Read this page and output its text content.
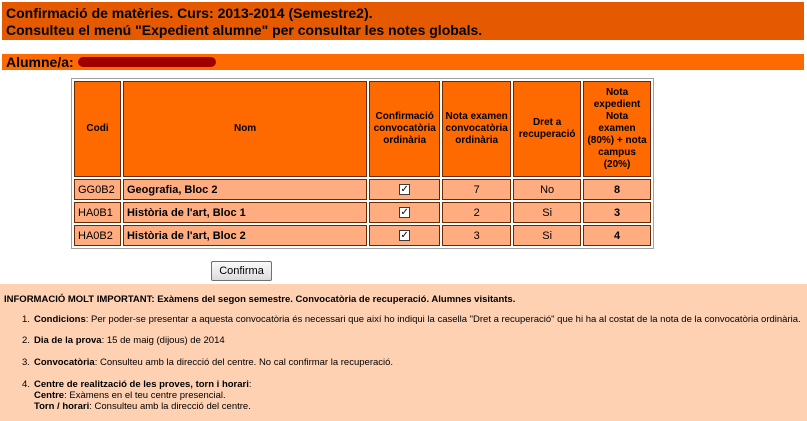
Confirmació de matèries. Curs: 2013-2014 (Semestre2).
Consulteu el menú "Expedient alumne" per consultar les notes globals.
Alumne/a:
Codi	Nom	Confirmació convocatòria ordinària	Nota examen convocatòria ordinària	Dret a recuperació	Nota expedient Nota examen (80%) + nota campus (20%)
GG0B2	Geografia, Bloc 2	✓	7	No	8
HA0B1	Història de l'art, Bloc 1	✓	2	Si	3
HA0B2	Història de l'art, Bloc 2	✓	3	Si	4
Confirma
INFORMACIÓ MOLT IMPORTANT: Exàmens del segon semestre. Convocatòria de recuperació. Alumnes visitants.
1. Condicions: Per poder-se presentar a aquesta convocatòria és necessari que així ho indiqui la casella "Dret a recuperació" que hi ha al costat de la nota de la convocatòria ordinària.
2. Dia de la prova: 15 de maig (dijous) de 2014
3. Convocatòria: Consulteu amb la direcció del centre. No cal confirmar la recuperació.
4. Centre de realització de les proves, torn i horari:
Centre: Exàmens en el teu centre presencial.
Torn / horari: Consulteu amb la direcció del centre.
